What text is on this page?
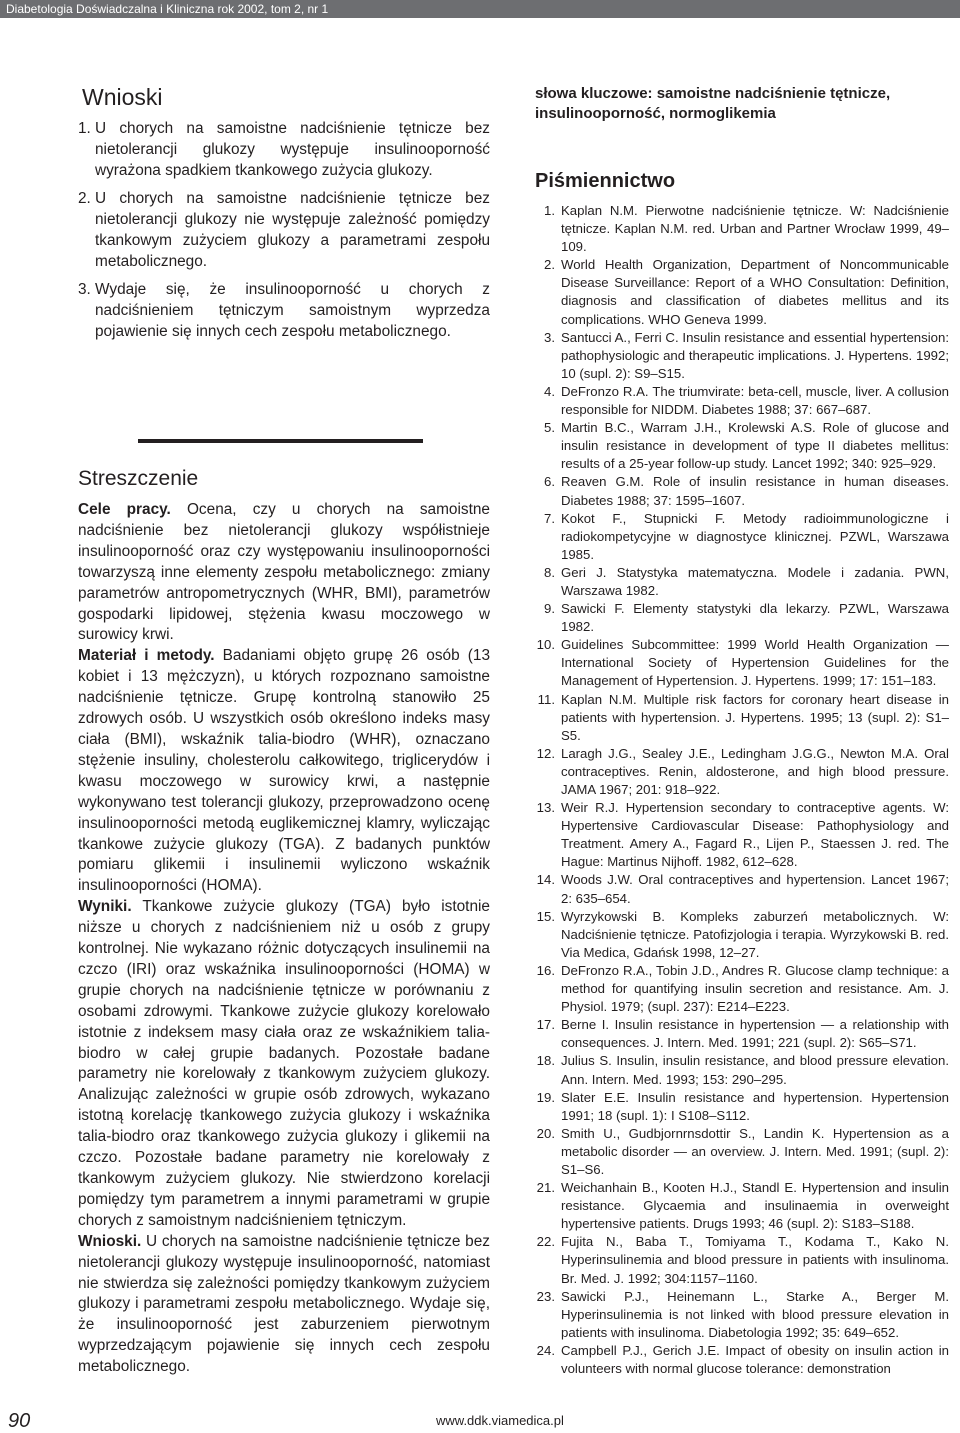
Diabetologia Doświadczalna i Kliniczna rok 2002, tom 2, nr 1
Wnioski
1. U chorych na samoistne nadciśnienie tętnicze bez nietolerancji glukozy występuje insulinooporność wyrażona spadkiem tkankowego zużycia glukozy.
2. U chorych na samoistne nadciśnienie tętnicze bez nietolerancji glukozy nie występuje zależność pomiędzy tkankowym zużyciem glukozy a parametrami zespołu metabolicznego.
3. Wydaje się, że insulinooporność u chorych z nadciśnieniem tętniczym samoistnym wyprzedza pojawienie się innych cech zespołu metabolicznego.
Streszczenie

Cele pracy. Ocena, czy u chorych na samoistne nadciśnienie bez nietolerancji glukozy współistnieje insulinooporność oraz czy występowaniu insulinooporności towarzyszą inne elementy zespołu metabolicznego: zmiany parametrów antropometrycznych (WHR, BMI), parametrów gospodarki lipidowej, stężenia kwasu moczowego w surowicy krwi.

Materiał i metody. Badaniami objęto grupę 26 osób (13 kobiet i 13 mężczyzn), u których rozpoznano samoistne nadciśnienie tętnicze. Grupę kontrolną stanowiło 25 zdrowych osób. U wszystkich osób określono indeks masy ciała (BMI), wskaźnik talia-biodro (WHR), oznaczano stężenie insuliny, cholesterolu całkowitego, triglicerydów i kwasu moczowego w surowicy krwi, a następnie wykonywano test tolerancji glukozy, przeprowadzono ocenę insulinooporności metodą euglikemicznej klamry, wyliczając tkankowe zużycie glukozy (TGA). Z badanych punktów pomiaru glikemii i insulinemii wyliczono wskaźnik insulinooporności (HOMA).

Wyniki. Tkankowe zużycie glukozy (TGA) było istotnie niższe u chorych z nadciśnieniem niż u osób z grupy kontrolnej. Nie wykazano różnic dotyczących insulinemii na czczo (IRI) oraz wskaźnika insulinooporności (HOMA) w grupie chorych na nadciśnienie tętnicze w porównaniu z osobami zdrowymi. Tkankowe zużycie glukozy korelowało istotnie z indeksem masy ciała oraz ze wskaźnikiem talia-biodro w całej grupie badanych. Pozostałe badane parametry nie korelowały z tkankowym zużyciem glukozy. Analizując zależności w grupie osób zdrowych, wykazano istotną korelację tkankowego zużycia glukozy i wskaźnika talia-biodro oraz tkankowego zużycia glukozy i glikemii na czczo. Pozostałe badane parametry nie korelowały z tkankowym zużyciem glukozy. Nie stwierdzono korelacji pomiędzy tym parametrem a innymi parametrami w grupie chorych z samoistnym nadciśnieniem tętniczym.

Wnioski. U chorych na samoistne nadciśnienie tętnicze bez nietolerancji glukozy występuje insulinooporność, natomiast nie stwierdza się zależności pomiędzy tkankowym zużyciem glukozy i parametrami zespołu metabolicznego. Wydaje się, że insulinooporność jest zaburzeniem pierwotnym wyprzedzającym pojawienie się innych cech zespołu metabolicznego.

słowa kluczowe: samoistne nadciśnienie tętnicze, insulinooporność, normoglikemia

Piśmiennictwo
1. Kaplan N.M. Pierwotne nadciśnienie tętnicze. W: Nadciśnienie tętnicze. Kaplan N.M. red. Urban and Partner Wrocław 1999, 49–109.
2. World Health Organization, Department of Noncommunicable Disease Surveillance: Report of a WHO Consultation: Definition, diagnosis and classification of diabetes mellitus and its complications. WHO Geneva 1999.
3. Santucci A., Ferri C. Insulin resistance and essential hypertension: pathophysiologic and therapeutic implications. J. Hypertens. 1992; 10 (supl. 2): S9–S15.
4. DeFronzo R.A. The triumvirate: beta-cell, muscle, liver. A collusion responsible for NIDDM. Diabetes 1988; 37: 667–687.
5. Martin B.C., Warram J.H., Krolewski A.S. Role of glucose and insulin resistance in development of type II diabetes mellitus: results of a 25-year follow-up study. Lancet 1992; 340: 925–929.
6. Reaven G.M. Role of insulin resistance in human diseases. Diabetes 1988; 37: 1595–1607.
7. Kokot F., Stupnicki F. Metody radioimmunologiczne i radiokompetycyjne w diagnostyce klinicznej. PZWL, Warszawa 1985.
8. Geri J. Statystyka matematyczna. Modele i zadania. PWN, Warszawa 1982.
9. Sawicki F. Elementy statystyki dla lekarzy. PZWL, Warszawa 1982.
10. Guidelines Subcommittee: 1999 World Health Organization — International Society of Hypertension Guidelines for the Management of Hypertension. J. Hypertens. 1999; 17: 151–183.
11. Kaplan N.M. Multiple risk factors for coronary heart disease in patients with hypertension. J. Hypertens. 1995; 13 (supl. 2): S1–S5.
12. Laragh J.G., Sealey J.E., Ledingham J.G.G., Newton M.A. Oral contraceptives. Renin, aldosterone, and high blood pressure. JAMA 1967; 201: 918–922.
13. Weir R.J. Hypertension secondary to contraceptive agents. W: Hypertensive Cardiovascular Disease: Pathophysiology and Treatment. Amery A., Fagard R., Lijen P., Staessen J. red. The Hague: Martinus Nijhoff. 1982, 612–628.
14. Woods J.W. Oral contraceptives and hypertension. Lancet 1967; 2: 635–654.
15. Wyrzykowski B. Kompleks zaburzeń metabolicznych. W: Nadciśnienie tętnicze. Patofizjologia i terapia. Wyrzykowski B. red. Via Medica, Gdańsk 1998, 12–27.
16. DeFronzo R.A., Tobin J.D., Andres R. Glucose clamp technique: a method for quantifying insulin secretion and resistance. Am. J. Physiol. 1979; (supl. 237): E214–E223.
17. Berne I. Insulin resistance in hypertension — a relationship with consequences. J. Intern. Med. 1991; 221 (supl. 2): S65–S71.
18. Julius S. Insulin, insulin resistance, and blood pressure elevation. Ann. Intern. Med. 1993; 153: 290–295.
19. Slater E.E. Insulin resistance and hypertension. Hypertension 1991; 18 (supl. 1): I S108–S112.
20. Smith U., Gudbjornrnsdottir S., Landin K. Hypertension as a metabolic disorder — an overview. J. Intern. Med. 1991; (supl. 2): S1–S6.
21. Weichanhain B., Kooten H.J., Standl E. Hypertension and insulin resistance. Glycaemia and insulinaemia in overweight hypertensive patients. Drugs 1993; 46 (supl. 2): S183–S188.
22. Fujita N., Baba T., Tomiyama T., Kodama T., Kako N. Hyperinsulinemia and blood pressure in patients with insulinoma. Br. Med. J. 1992; 304:1157–1160.
23. Sawicki P.J., Heinemann L., Starke A., Berger M. Hyperinsulinemia is not linked with blood pressure elevation in patients with insulinoma. Diabetologia 1992; 35: 649–652.
24. Campbell P.J., Gerich J.E. Impact of obesity on insulin action in volunteers with normal glucose tolerance: demonstration
90	www.ddk.viamedica.pl
